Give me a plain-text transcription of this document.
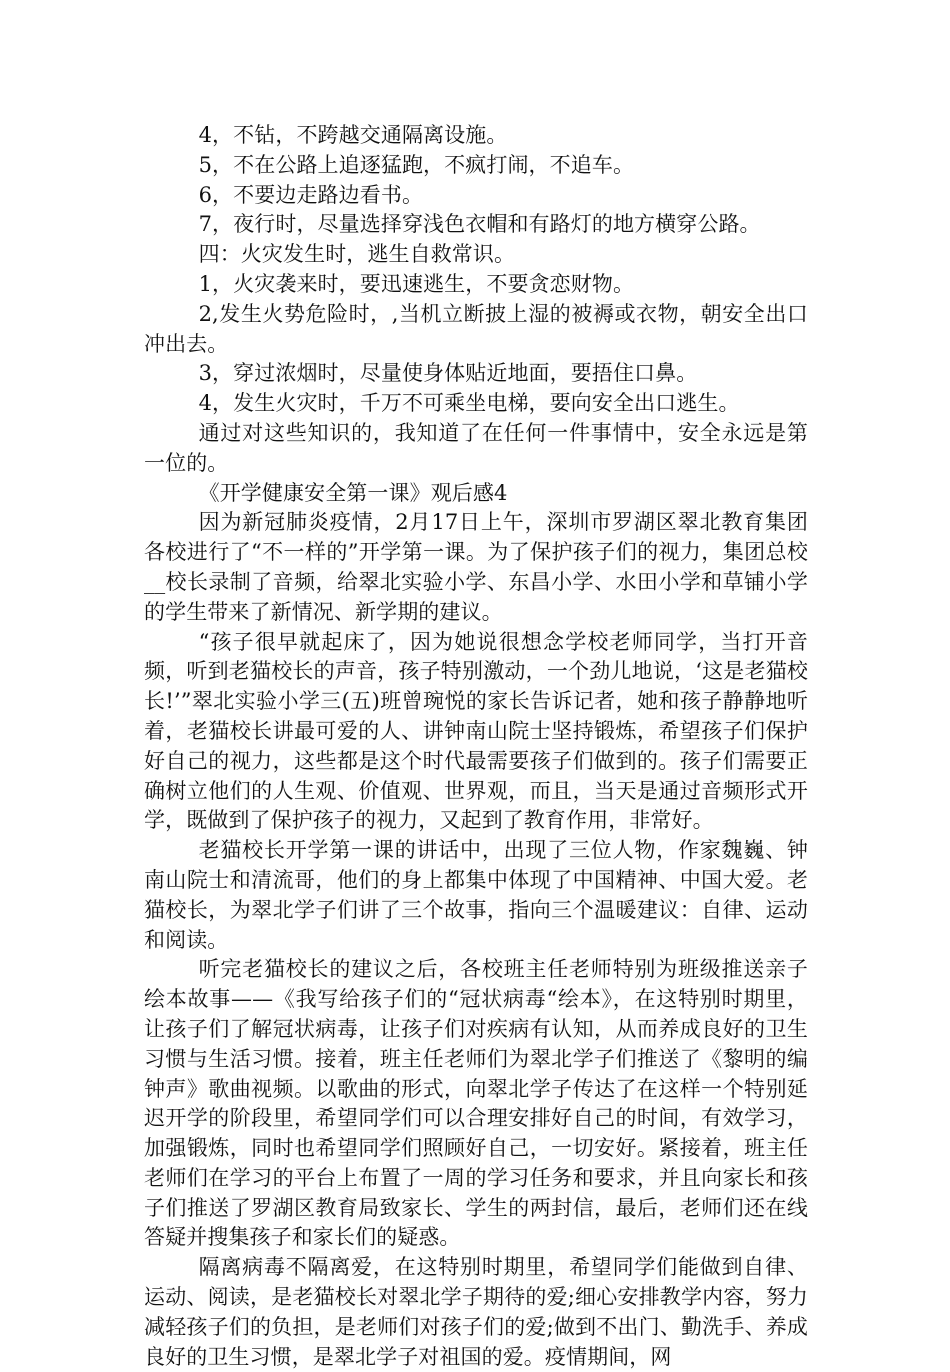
4，不钻，不跨越交通隔离设施。

5，不在公路上追逐猛跑，不疯打闹，不追车。

6，不要边走路边看书。

7，夜行时，尽量选择穿浅色衣帽和有路灯的地方横穿公路。

四：火灾发生时，逃生自救常识。

1，火灾袭来时，要迅速逃生，不要贪恋财物。

2,发生火势危险时，,当机立断披上湿的被褥或衣物，朝安全出口冲出去。

3，穿过浓烟时，尽量使身体贴近地面，要捂住口鼻。

4，发生火灾时，千万不可乘坐电梯，要向安全出口逃生。

通过对这些知识的，我知道了在任何一件事情中，安全永远是第一位的。

《开学健康安全第一课》观后感4

因为新冠肺炎疫情，2月17日上午，深圳市罗湖区翠北教育集团各校进行了“不一样的”开学第一课。为了保护孩子们的视力，集团总校__校长录制了音频，给翠北实验小学、东昌小学、水田小学和草铺小学的学生带来了新情况、新学期的建议。

“孩子很早就起床了，因为她说很想念学校老师同学，当打开音频，听到老猫校长的声音，孩子特别激动，一个劲儿地说，‘这是老猫校长!’”翠北实验小学三(五)班曾琬悦的家长告诉记者，她和孩子静静地听着，老猫校长讲最可爱的人、讲钟南山院士坚持锻炼，希望孩子们保护好自己的视力，这些都是这个时代最需要孩子们做到的。孩子们需要正确树立他们的人生观、价值观、世界观，而且，当天是通过音频形式开学，既做到了保护孩子的视力，又起到了教育作用，非常好。

老猫校长开学第一课的讲话中，出现了三位人物，作家魏巍、钟南山院士和清流哥，他们的身上都集中体现了中国精神、中国大爱。老猫校长，为翠北学子们讲了三个故事，指向三个温暖建议：自律、运动和阅读。

听完老猫校长的建议之后，各校班主任老师特别为班级推送亲子绘本故事——《我写给孩子们的“冠状病毒“绘本》，在这特别时期里，让孩子们了解冠状病毒，让孩子们对疾病有认知，从而养成良好的卫生习惯与生活习惯。接着，班主任老师们为翠北学子们推送了《黎明的编钟声》歌曲视频。以歌曲的形式，向翠北学子传达了在这样一个特别延迟开学的阶段里，希望同学们可以合理安排好自己的时间，有效学习，加强锻炼，同时也希望同学们照顾好自己，一切安好。紧接着，班主任老师们在学习的平台上布置了一周的学习任务和要求，并且向家长和孩子们推送了罗湖区教育局致家长、学生的两封信，最后，老师们还在线答疑并搜集孩子和家长们的疑惑。

隔离病毒不隔离爱，在这特别时期里，希望同学们能做到自律、运动、阅读，是老猫校长对翠北学子期待的爱;细心安排教学内容，努力减轻孩子们的负担，是老师们对孩子们的爱;做到不出门、勤洗手、养成良好的卫生习惯，是翠北学子对祖国的爱。疫情期间，网
